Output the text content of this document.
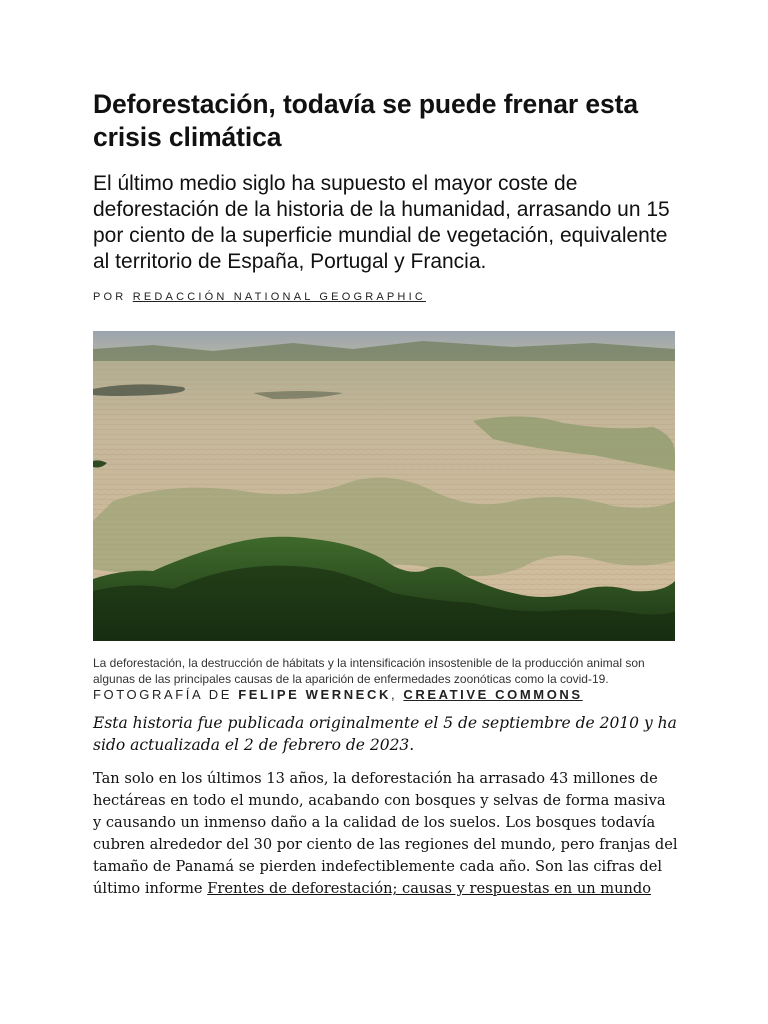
Deforestación, todavía se puede frenar esta crisis climática

El último medio siglo ha supuesto el mayor coste de deforestación de la historia de la humanidad, arrasando un 15 por ciento de la superficie mundial de vegetación, equivalente al territorio de España, Portugal y Francia.

POR REDACCIÓN NATIONAL GEOGRAPHIC
La deforestación, la destrucción de hábitats y la intensificación insostenible de la producción animal son algunas de las principales causas de la aparición de enfermedades zoonóticas como la covid-19.
FOTOGRAFÍA DE FELIPE WERNECK, CREATIVE COMMONS
Esta historia fue publicada originalmente el 5 de septiembre de 2010 y ha sido actualizada el 2 de febrero de 2023.
Tan solo en los últimos 13 años, la deforestación ha arrasado 43 millones de hectáreas en todo el mundo, acabando con bosques y selvas de forma masiva y causando un inmenso daño a la calidad de los suelos. Los bosques todavía cubren alrededor del 30 por ciento de las regiones del mundo, pero franjas del tamaño de Panamá se pierden indefectiblemente cada año. Son las cifras del último informe Frentes de deforestación; causas y respuestas en un mundo
